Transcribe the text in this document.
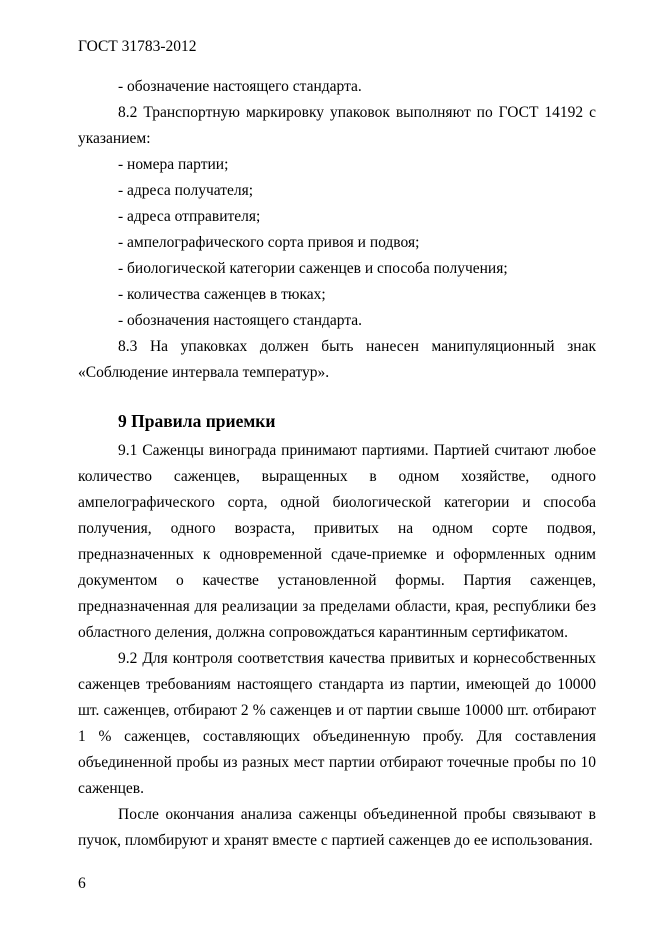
ГОСТ 31783-2012

- обозначение настоящего стандарта.

8.2 Транспортную маркировку упаковок выполняют по ГОСТ 14192 с указанием:

- номера партии;

- адреса получателя;

- адреса отправителя;

- ампелографического сорта привоя и подвоя;

- биологической категории саженцев и способа получения;

- количества саженцев в тюках;

- обозначения настоящего стандарта.

8.3 На упаковках должен быть нанесен манипуляционный знак «Соблюдение интервала температур».

9 Правила приемки

9.1 Саженцы винограда принимают партиями. Партией считают любое количество саженцев, выращенных в одном хозяйстве, одного ампелографического сорта, одной биологической категории и способа получения, одного возраста, привитых на одном сорте подвоя, предназначенных к одновременной сдаче-приемке и оформленных одним документом о качестве установленной формы. Партия саженцев, предназначенная для реализации за пределами области, края, республики без областного деления, должна сопровождаться карантинным сертификатом.

9.2 Для контроля соответствия качества привитых и корнесобственных саженцев требованиям настоящего стандарта из партии, имеющей до 10000 шт. саженцев, отбирают 2 % саженцев и от партии свыше 10000 шт. отбирают 1 % саженцев, составляющих объединенную пробу. Для составления объединенной пробы из разных мест партии отбирают точечные пробы по 10 саженцев.

После окончания анализа саженцы объединенной пробы связывают в пучок, пломбируют и хранят вместе с партией саженцев до ее использования.

6
